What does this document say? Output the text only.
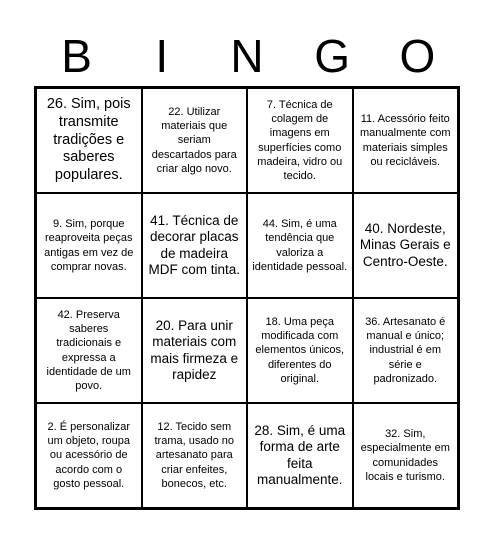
B	I	N	G	O
26. Sim, pois transmite tradições e saberes populares.
22. Utilizar materiais que seriam descartados para criar algo novo.
7. Técnica de colagem de imagens em superfícies como madeira, vidro ou tecido.
11. Acessório feito manualmente com materiais simples ou recicláveis.
9. Sim, porque reaproveita peças antigas em vez de comprar novas.
41. Técnica de decorar placas de madeira MDF com tinta.
44. Sim, é uma tendência que valoriza a identidade pessoal.
40. Nordeste, Minas Gerais e Centro-Oeste.
42. Preserva saberes tradicionais e expressa a identidade de um povo.
20. Para unir materiais com mais firmeza e rapidez
18. Uma peça modificada com elementos únicos, diferentes do original.
36. Artesanato é manual e único; industrial é em série e padronizado.
2. É personalizar um objeto, roupa ou acessório de acordo com o gosto pessoal.
12. Tecido sem trama, usado no artesanato para criar enfeites, bonecos, etc.
28. Sim, é uma forma de arte feita manualmente.
32. Sim, especialmente em comunidades locais e turismo.
